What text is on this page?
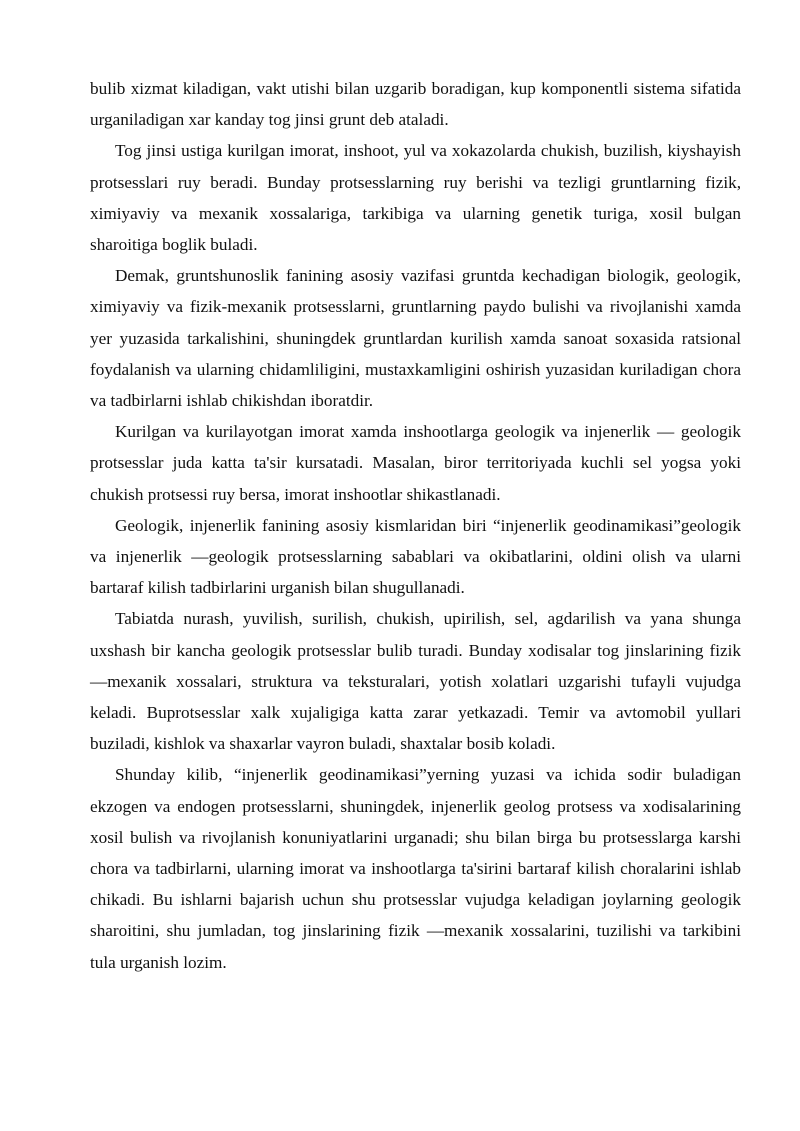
bulib xizmat kiladigan, vakt utishi bilan uzgarib boradigan, kup komponentli sistema sifatida urganiladigan xar kanday tog jinsi grunt deb ataladi.

Tog jinsi ustiga kurilgan imorat, inshoot, yul va xokazolarda chukish, buzilish, kiyshayish protsesslari ruy beradi. Bunday protsesslarning ruy berishi va tezligi gruntlarning fizik, ximiyaviy va mexanik xossalariga, tarkibiga va ularning genetik turiga, xosil bulgan sharoitiga boglik buladi.

Demak, gruntshunoslik fanining asosiy vazifasi gruntda kechadigan biologik, geologik, ximiyaviy va fizik-mexanik protsesslarni, gruntlarning paydo bulishi va rivojlanishi xamda yer yuzasida tarkalishini, shuningdek gruntlardan kurilish xamda sanoat soxasida ratsional foydalanish va ularning chidamliligini, mustaxkamligini oshirish yuzasidan kuriladigan chora va tadbirlarni ishlab chikishdan iboratdir.

Kurilgan va kurilayotgan imorat xamda inshootlarga geologik va injenerlik — geologik protsesslar juda katta ta'sir kursatadi. Masalan, biror territoriyada kuchli sel yogsa yoki chukish protsessi ruy bersa, imorat inshootlar shikastlanadi.

Geologik, injenerlik fanining asosiy kismlaridan biri “injenerlik geodinamikasi”geologik va injenerlik —geologik protsesslarning sabablari va okibatlarini, oldini olish va ularni bartaraf kilish tadbirlarini urganish bilan shugullanadi.

Tabiatda nurash, yuvilish, surilish, chukish, upirilish, sel, agdarilish va yana shunga uxshash bir kancha geologik protsesslar bulib turadi. Bunday xodisalar tog jinslarining fizik —mexanik xossalari, struktura va teksturalari, yotish xolatlari uzgarishi tufayli vujudga keladi. Buprotsesslar xalk xujaligiga katta zarar yetkazadi. Temir va avtomobil yullari buziladi, kishlok va shaxarlar vayron buladi, shaxtalar bosib koladi.

Shunday kilib, “injenerlik geodinamikasi”yerning yuzasi va ichida sodir buladigan ekzogen va endogen protsesslarni, shuningdek, injenerlik geolog protsess va xodisalarining xosil bulish va rivojlanish konuniyatlarini urganadi; shu bilan birga bu protsesslarga karshi chora va tadbirlarni, ularning imorat va inshootlarga ta'sirini bartaraf kilish choralarini ishlab chikadi. Bu ishlarni bajarish uchun shu protsesslar vujudga keladigan joylarning geologik sharoitini, shu jumladan, tog jinslarining fizik —mexanik xossalarini, tuzilishi va tarkibini tula urganish lozim.
